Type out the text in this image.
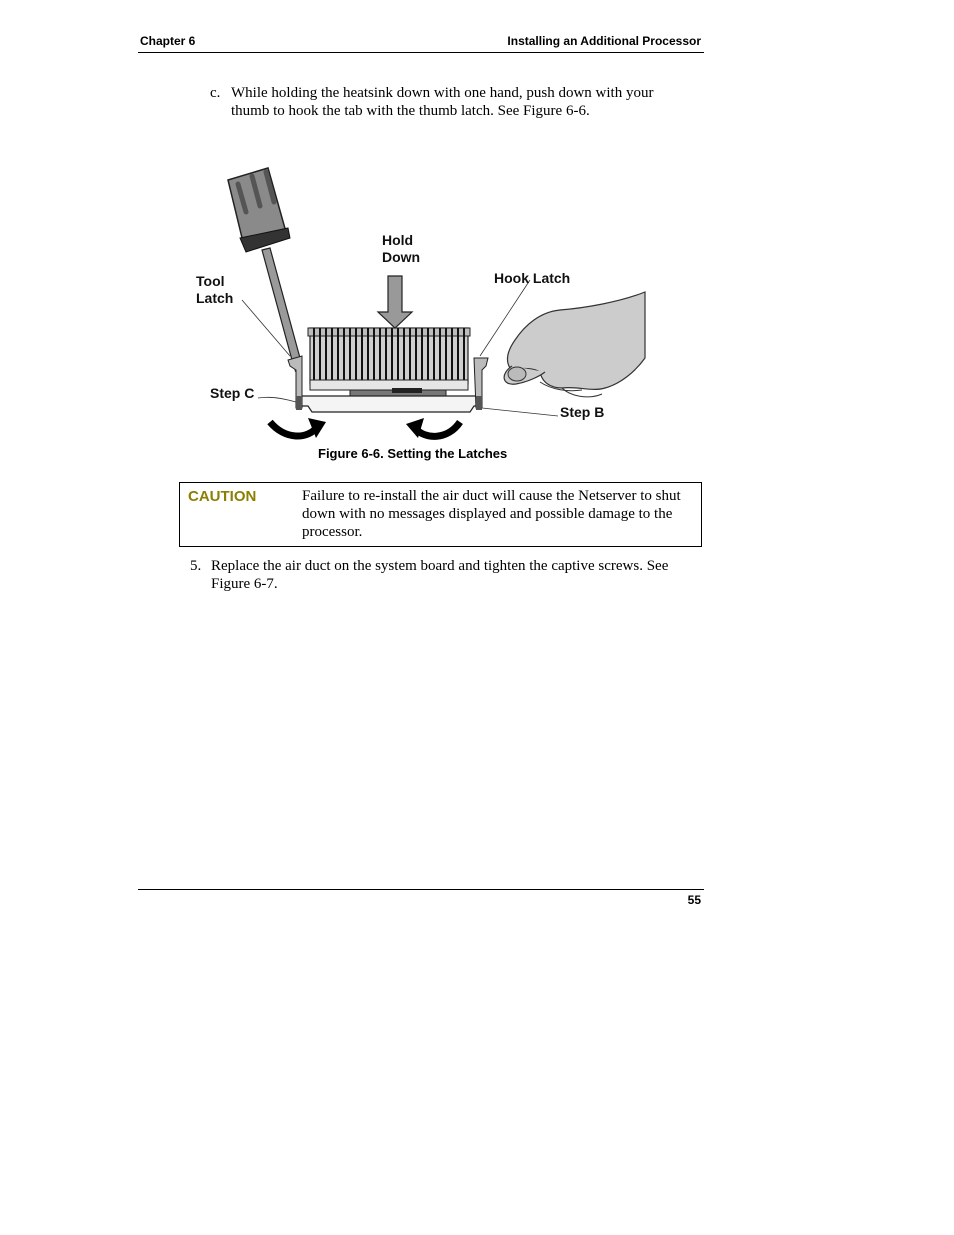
Chapter 6	Installing an Additional Processor
c. While holding the heatsink down with one hand, push down with your thumb to hook the tab with the thumb latch. See Figure 6-6.
Hold
Down
Tool
Latch
Hook Latch
Step C
Step B
Figure 6-6. Setting the Latches
CAUTION	Failure to re-install the air duct will cause the Netserver to shut down with no messages displayed and possible damage to the processor.
5. Replace the air duct on the system board and tighten the captive screws. See Figure 6-7.
55
